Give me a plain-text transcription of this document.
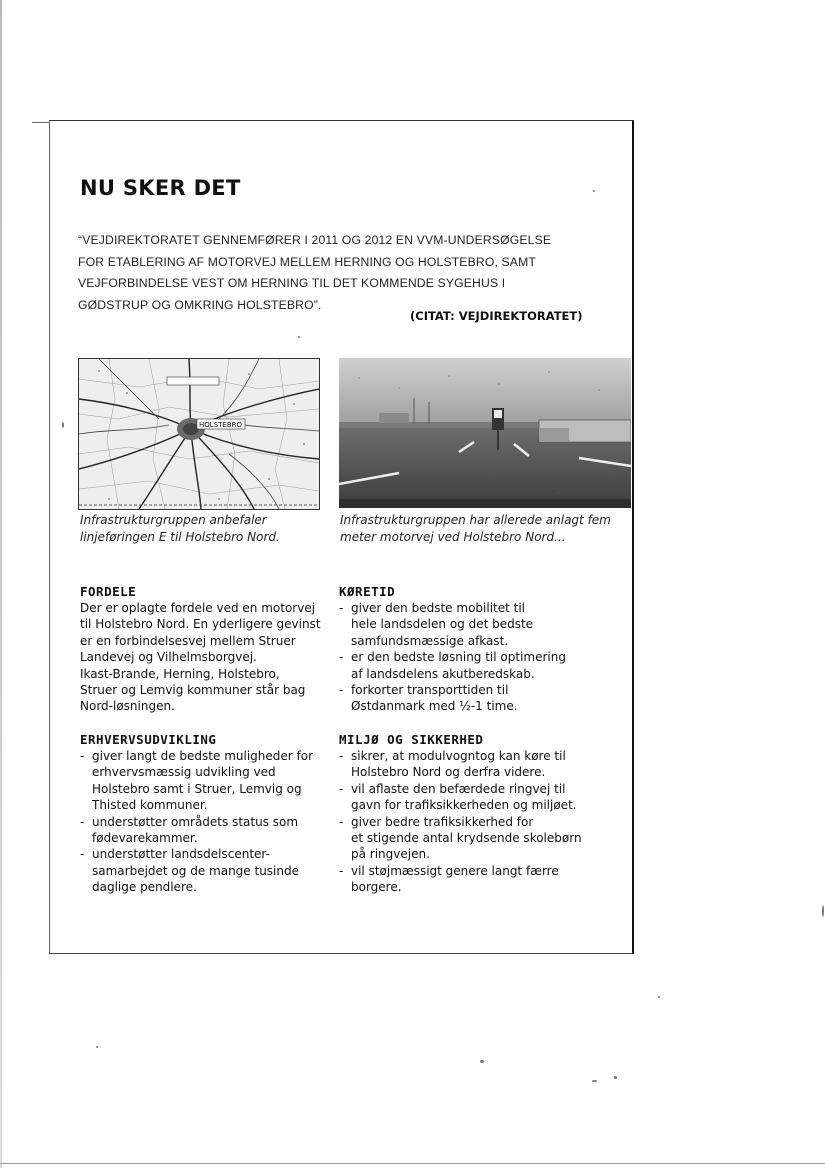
NU SKER DET
“VEJDIREKTORATET GENNEMFØRER I 2011 OG 2012 EN VVM-UNDERSØGELSE
FOR ETABLERING AF MOTORVEJ MELLEM HERNING OG HOLSTEBRO, SAMT
VEJFORBINDELSE VEST OM HERNING TIL DET KOMMENDE SYGEHUS I
GØDSTRUP OG OMKRING HOLSTEBRO”.
(CITAT: VEJDIREKTORATET)
HOLSTEBRO
Infrastrukturgruppen anbefaler
linjeføringen E til Holstebro Nord.
Infrastrukturgruppen har allerede anlagt fem
meter motorvej ved Holstebro Nord...
FORDELE
Der er oplagte fordele ved en motorvej
til Holstebro Nord. En yderligere gevinst
er en forbindelsesvej mellem Struer
Landevej og Vilhelmsborgvej.
Ikast-Brande, Herning, Holstebro,
Struer og Lemvig kommuner står bag
Nord-løsningen.
ERHVERVSUDVIKLING
- giver langt de bedste muligheder for
erhvervsmæssig udvikling ved
Holstebro samt i Struer, Lemvig og
Thisted kommuner.
- understøtter områdets status som
fødevarekammer.
- understøtter landsdelscenter-
samarbejdet og de mange tusinde
daglige pendlere.
KØRETID
- giver den bedste mobilitet til
hele landsdelen og det bedste
samfundsmæssige afkast.
- er den bedste løsning til optimering
af landsdelens akutberedskab.
- forkorter transporttiden til
Østdanmark med ½-1 time.
MILJØ OG SIKKERHED
- sikrer, at modulvogntog kan køre til
Holstebro Nord og derfra videre.
- vil aflaste den befærdede ringvej til
gavn for trafiksikkerheden og miljøet.
- giver bedre trafiksikkerhed for
et stigende antal krydsende skolebørn
på ringvejen.
- vil støjmæssigt genere langt færre
borgere.
